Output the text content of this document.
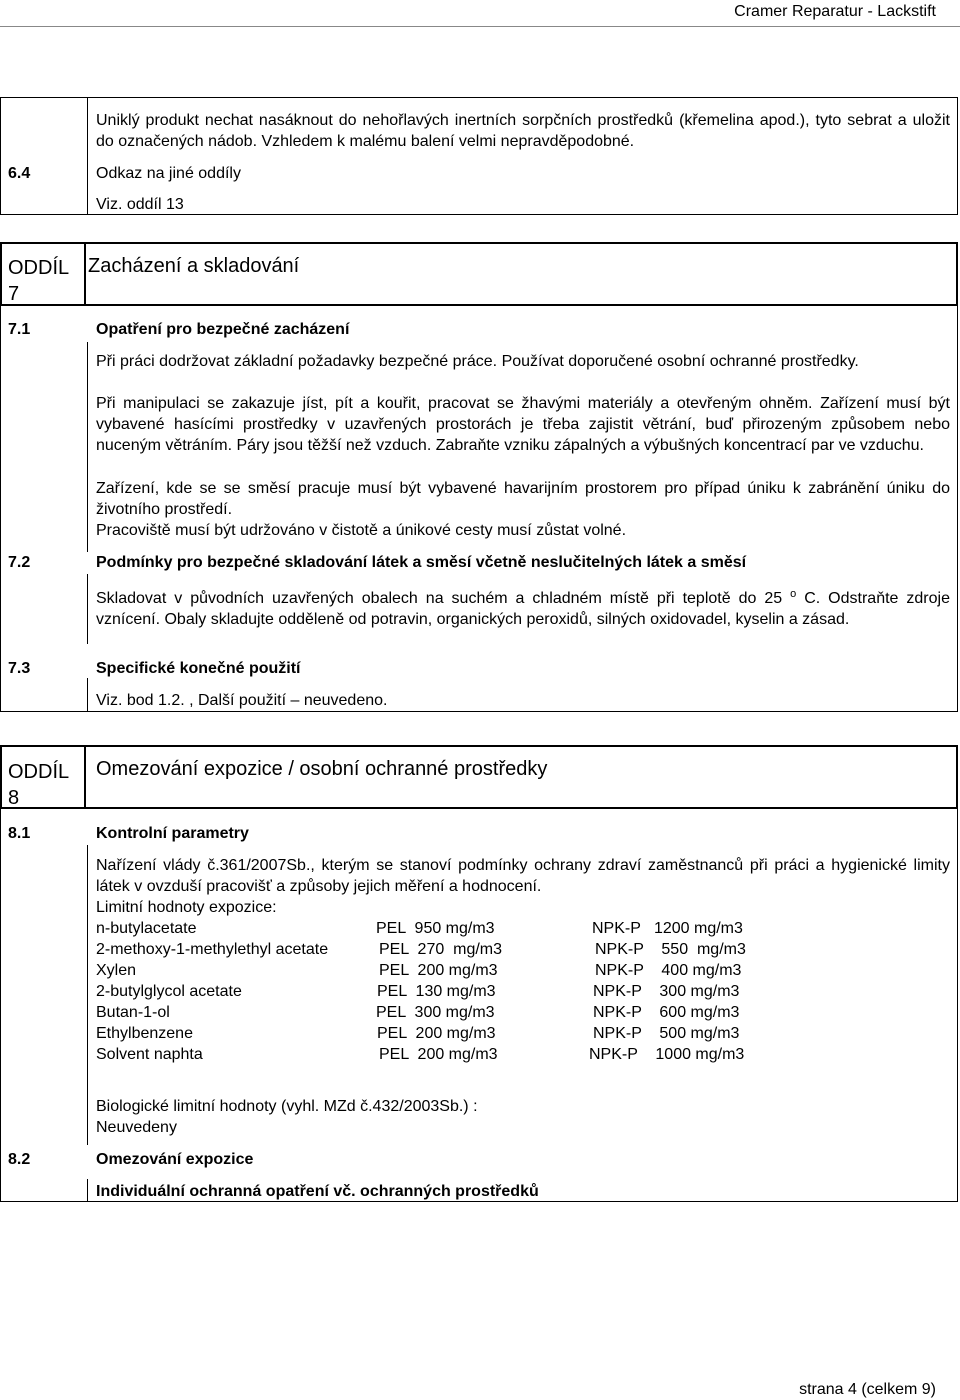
Cramer Reparatur - Lackstift
Uniklý produkt nechat nasáknout do nehořlavých inertních sorpčních prostředků (křemelina apod.), tyto sebrat a uložit do označených nádob. Vzhledem k malému balení velmi nepravděpodobné.
6.4	Odkaz na jiné oddíly
Viz. oddíl 13
ODDÍL
7
Zacházení a skladování
7.1	Opatření pro bezpečné zacházení
Při práci dodržovat základní požadavky bezpečné práce. Používat doporučené osobní ochranné prostředky.
Při manipulaci se zakazuje jíst, pít a kouřit, pracovat se žhavými materiály a otevřeným ohněm. Zařízení musí být vybavené hasícími prostředky v uzavřených prostorách je třeba zajistit větrání, buď přirozeným způsobem nebo nuceným větráním. Páry jsou těžší než vzduch. Zabraňte vzniku zápalných a výbušných koncentrací par ve vzduchu.
Zařízení, kde se se směsí pracuje musí být vybavené havarijním prostorem pro případ úniku k zabránění úniku do životního prostředí.
Pracoviště musí být udržováno v čistotě a únikové cesty musí zůstat volné.
7.2	Podmínky pro bezpečné skladování látek a směsí včetně neslučitelných látek a směsí
Skladovat v původních uzavřených obalech na suchém a chladném místě při teplotě do 25 $^o$ C. Odstraňte zdroje vznícení. Obaly skladujte odděleně od potravin, organických peroxidů, silných oxidovadel, kyselin a zásad.
7.3	Specifické konečné použití
Viz. bod 1.2. , Další použití – neuvedeno.
ODDÍL
8
Omezování expozice / osobní ochranné prostředky
8.1	Kontrolní parametry
Nařízení vlády č.361/2007Sb., kterým se stanoví podmínky ochrany zdraví zaměstnanců při práci a hygienické limity látek v ovzduší pracovišť a způsoby jejich měření a hodnocení.
Limitní hodnoty expozice:
n-butylacetate	PEL  950 mg/m3	NPK-P   1200 mg/m3
2-methoxy-1-methylethyl acetate	PEL  270  mg/m3	NPK-P    550  mg/m3
Xylen	PEL  200 mg/m3	NPK-P    400 mg/m3
2-butylglycol acetate	PEL  130 mg/m3	NPK-P    300 mg/m3
Butan-1-ol	PEL  300 mg/m3	NPK-P    600 mg/m3
Ethylbenzene	PEL  200 mg/m3	NPK-P    500 mg/m3
Solvent naphta	PEL  200 mg/m3	NPK-P    1000 mg/m3
Biologické limitní hodnoty (vyhl. MZd č.432/2003Sb.) :
Neuvedeny
8.2	Omezování expozice
Individuální ochranná opatření vč. ochranných prostředků
strana 4 (celkem 9)
